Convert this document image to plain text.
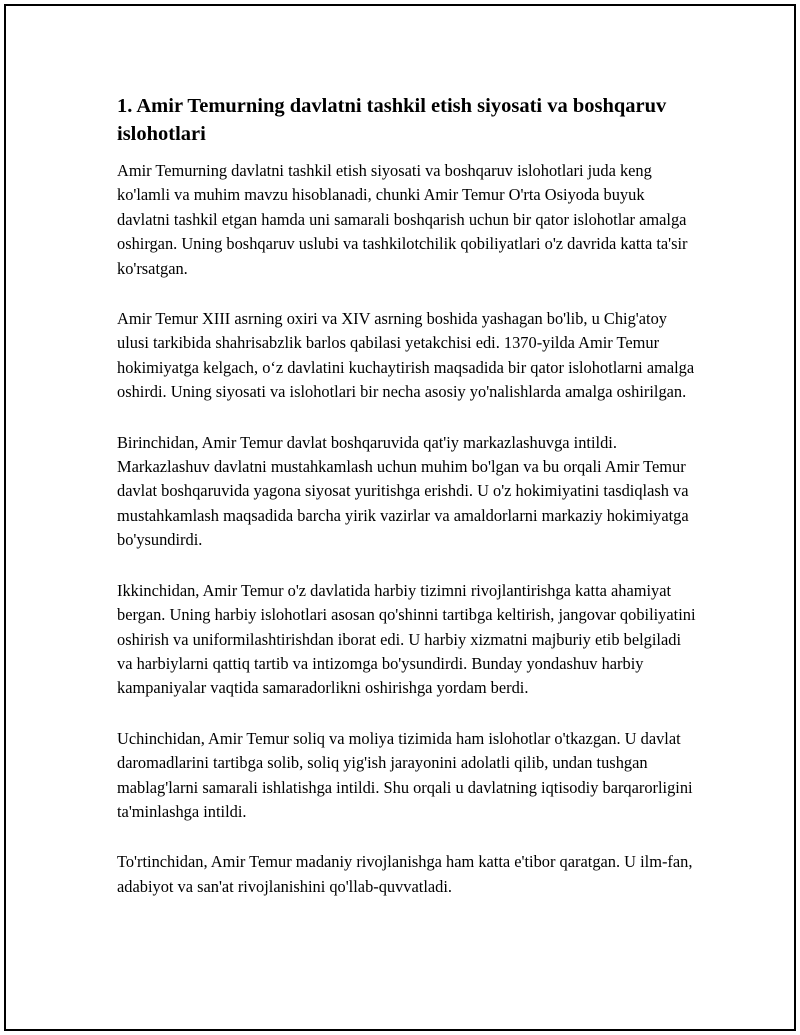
1. Amir Temurning davlatni tashkil etish siyosati va boshqaruv islohotlari

Amir Temurning davlatni tashkil etish siyosati va boshqaruv islohotlari juda keng ko'lamli va muhim mavzu hisoblanadi, chunki Amir Temur O'rta Osiyoda buyuk davlatni tashkil etgan hamda uni samarali boshqarish uchun bir qator islohotlar amalga oshirgan. Uning boshqaruv uslubi va tashkilotchilik qobiliyatlari o'z davrida katta ta'sir ko'rsatgan.

Amir Temur XIII asrning oxiri va XIV asrning boshida yashagan bo'lib, u Chig'atoy ulusi tarkibida shahrisabzlik barlos qabilasi yetakchisi edi. 1370-yilda Amir Temur hokimiyatga kelgach, o‘z davlatini kuchaytirish maqsadida bir qator islohotlarni amalga oshirdi. Uning siyosati va islohotlari bir necha asosiy yo'nalishlarda amalga oshirilgan.

Birinchidan, Amir Temur davlat boshqaruvida qat'iy markazlashuvga intildi. Markazlashuv davlatni mustahkamlash uchun muhim bo'lgan va bu orqali Amir Temur davlat boshqaruvida yagona siyosat yuritishga erishdi. U o'z hokimiyatini tasdiqlash va mustahkamlash maqsadida barcha yirik vazirlar va amaldorlarni markaziy hokimiyatga bo'ysundirdi.

Ikkinchidan, Amir Temur o'z davlatida harbiy tizimni rivojlantirishga katta ahamiyat bergan. Uning harbiy islohotlari asosan qo'shinni tartibga keltirish, jangovar qobiliyatini oshirish va uniformilashtirishdan iborat edi. U harbiy xizmatni majburiy etib belgiladi va harbiylarni qattiq tartib va intizomga bo'ysundirdi. Bunday yondashuv harbiy kampaniyalar vaqtida samaradorlikni oshirishga yordam berdi.

Uchinchidan, Amir Temur soliq va moliya tizimida ham islohotlar o'tkazgan. U davlat daromadlarini tartibga solib, soliq yig'ish jarayonini adolatli qilib, undan tushgan mablag'larni samarali ishlatishga intildi. Shu orqali u davlatning iqtisodiy barqarorligini ta'minlashga intildi.

To'rtinchidan, Amir Temur madaniy rivojlanishga ham katta e'tibor qaratgan. U ilm-fan, adabiyot va san'at rivojlanishini qo'llab-quvvatladi.
